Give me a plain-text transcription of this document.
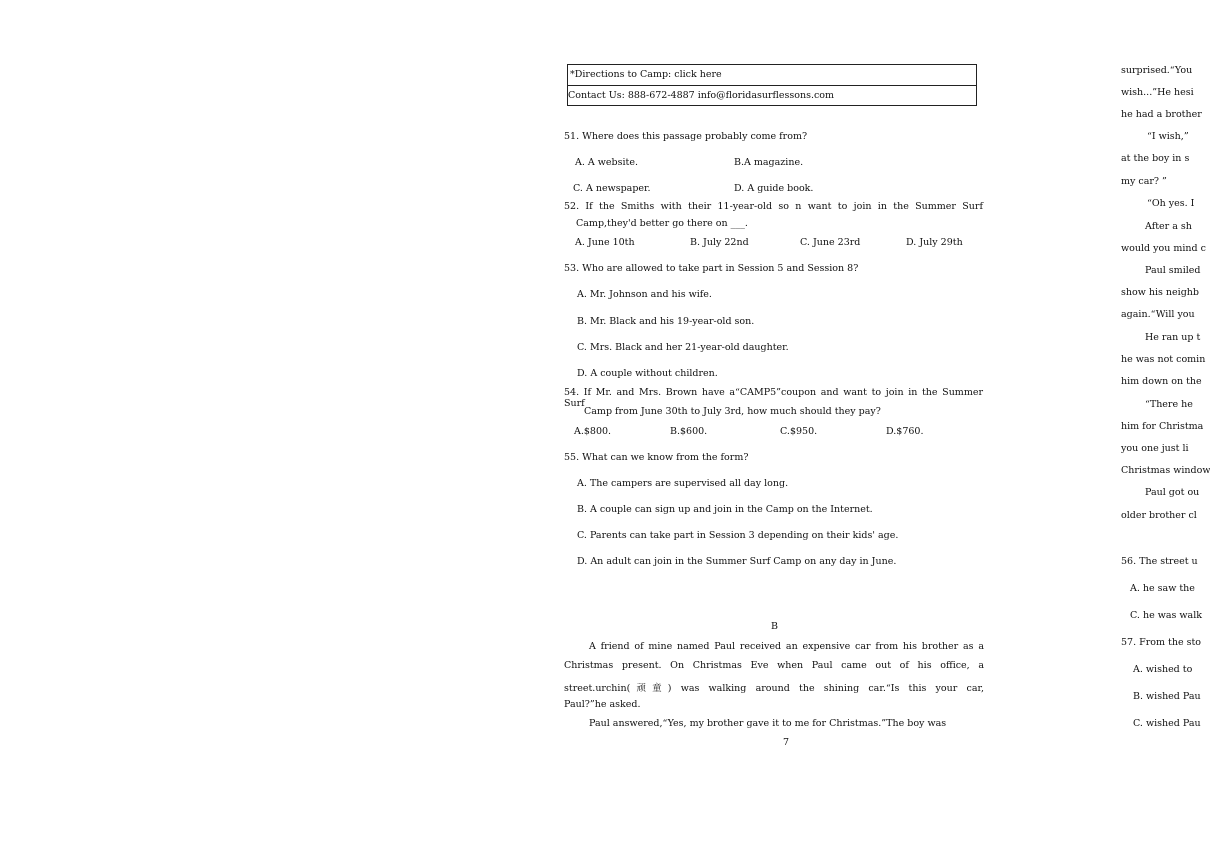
*Directions to Camp: click here
Contact Us: 888-672-4887 info@floridasurflessons.com
51. Where does this passage probably come from?
A. A website.	B.A magazine.
C. A newspaper.	D. A guide book.
52. If the Smiths with their 11-year-old so n want to join in the Summer Surf
Camp,they'd better go there on ___.
A. June 10th	B. July 22nd	C. June 23rd	D. July 29th
53. Who are allowed to take part in Session 5 and Session 8?
A. Mr. Johnson and his wife.
B. Mr. Black and his 19-year-old son.
C. Mrs. Black and her 21-year-old daughter.
D. A couple without children.
54. If Mr. and Mrs. Brown have a“CAMP5”coupon and want to join in the Summer Surf
Camp from June 30th to July 3rd, how much should they pay?
A.$800.	B.$600.	C.$950.	D.$760.
55. What can we know from the form?
A. The campers are supervised all day long.
B. A couple can sign up and join in the Camp on the Internet.
C. Parents can take part in Session 3 depending on their kids' age.
D. An adult can join in the Summer Surf Camp on any day in June.
B
A friend of mine named Paul received an expensive car from his brother as a
Christmas present. On Christmas Eve when Paul came out of his office, a
street.urchin(顽童) was walking around the shining car.“Is this your car,
Paul?”he asked.
Paul answered,“Yes, my brother gave it to me for Christmas.”The boy was
7
surprised.“You
wish...”He hesi
he had a brother
“I wish,”
at the boy in s
my car? ”
“Oh yes. I
After a sh
would you mind c
Paul smiled
show his neighb
again.“Will you
He ran up t
he was not comin
him down on the
“There he
him for Christma
you one just li
Christmas window
Paul got ou
older brother cl
56. The street u
A. he saw the
C. he was walk
57. From the sto
A. wished to
B. wished Pau
C. wished Pau
